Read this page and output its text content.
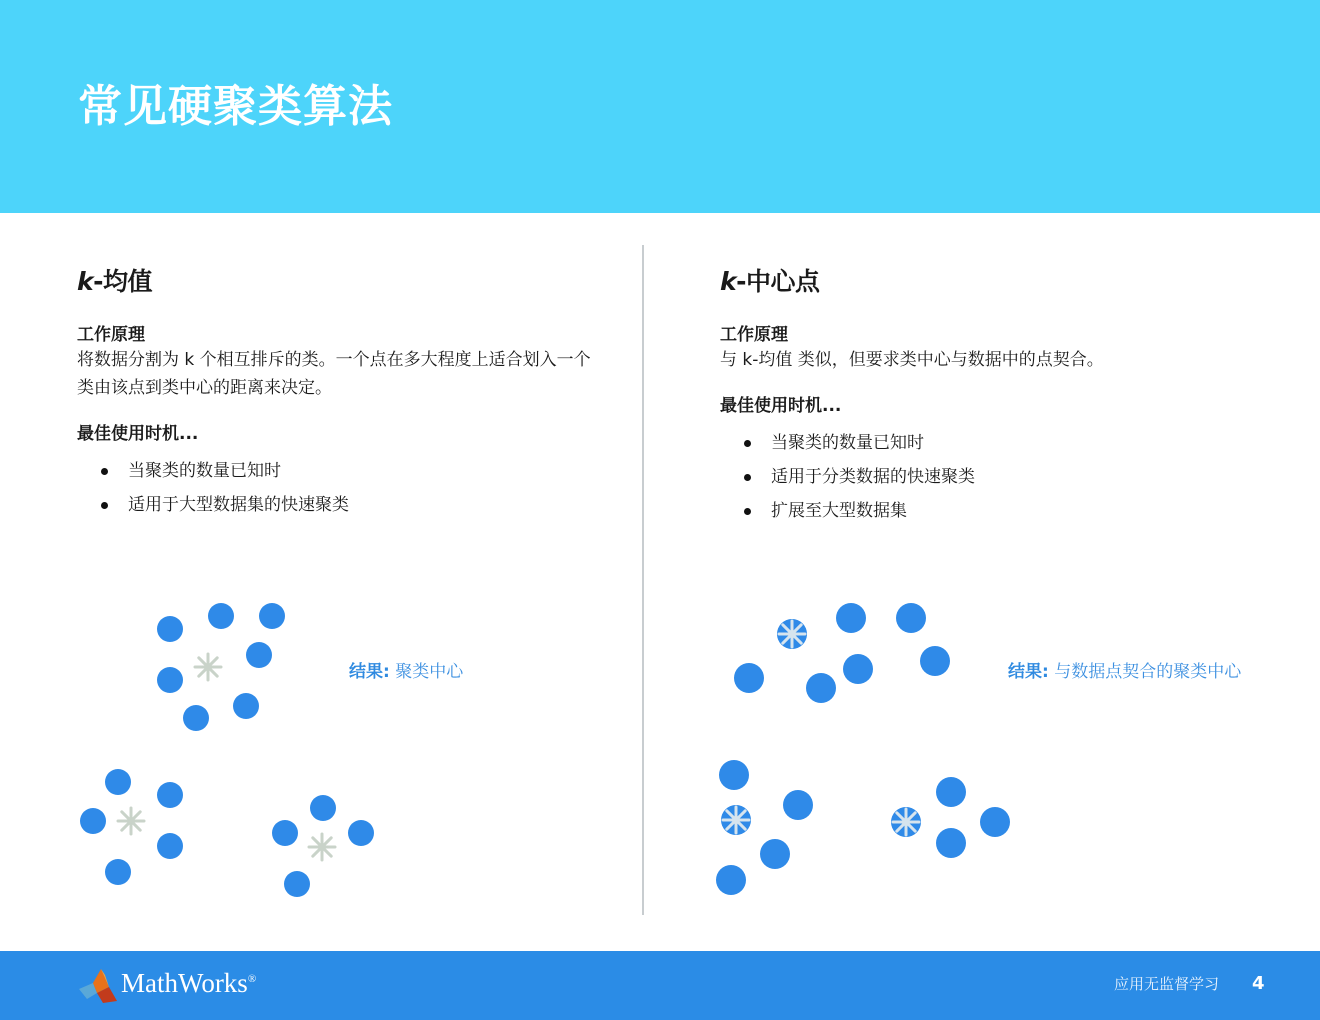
常见硬聚类算法
k-均值
工作原理
将数据分割为 k 个相互排斥的类。一个点在多大程度上适合划入一个类由该点到类中心的距离来决定。
最佳使用时机...
当聚类的数量已知时
适用于大型数据集的快速聚类
k-中心点
工作原理
与 k-均值 类似，但要求类中心与数据中的点契合。
最佳使用时机...
当聚类的数量已知时
适用于分类数据的快速聚类
扩展至大型数据集
结果: 聚类中心	结果: 与数据点契合的聚类中心
MathWorks®	应用无监督学习 4
